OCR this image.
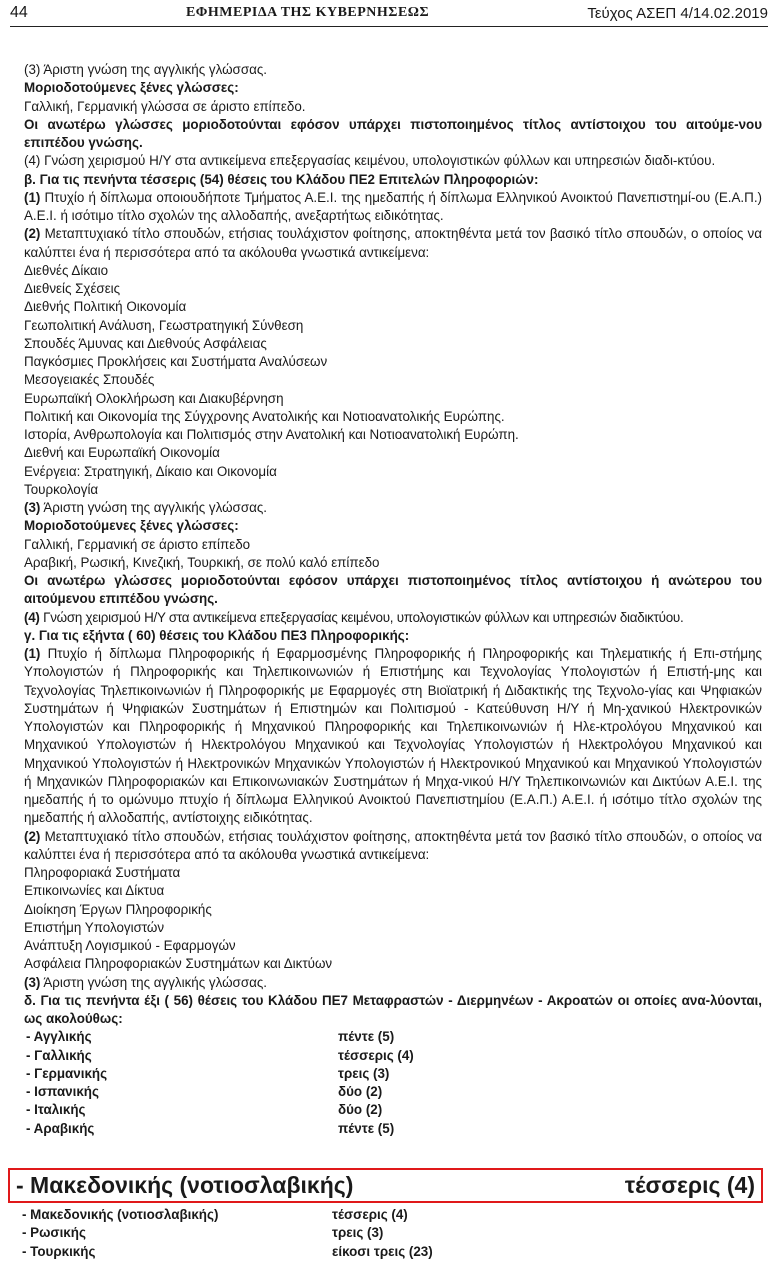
44	ΕΦΗΜΕΡΙΔΑ ΤΗΣ ΚΥΒΕΡΝΗΣΕΩΣ	Τεύχος ΑΣΕΠ 4/14.02.2019
(3) Άριστη γνώση της αγγλικής γλώσσας.
Μοριοδοτούμενες ξένες γλώσσες:
Γαλλική, Γερμανική γλώσσα σε άριστο επίπεδο.
Οι ανωτέρω γλώσσες μοριοδοτούνται εφόσον υπάρχει πιστοποιημένος τίτλος αντίστοιχου του αιτούμε-νου επιπέδου γνώσης.
(4) Γνώση χειρισμού Η/Υ στα αντικείμενα επεξεργασίας κειμένου, υπολογιστικών φύλλων και υπηρεσιών διαδι-κτύου.
β. Για τις πενήντα τέσσερις (54) θέσεις του Κλάδου ΠΕ2 Επιτελών Πληροφοριών:
(1) Πτυχίο ή δίπλωμα οποιουδήποτε Τμήματος Α.Ε.Ι. της ημεδαπής ή δίπλωμα Ελληνικού Ανοικτού Πανεπιστημί-ου (Ε.Α.Π.) Α.Ε.Ι. ή ισότιμο τίτλο σχολών της αλλοδαπής, ανεξαρτήτως ειδικότητας.
(2) Μεταπτυχιακό τίτλο σπουδών, ετήσιας τουλάχιστον φοίτησης, αποκτηθέντα μετά τον βασικό τίτλο σπουδών, ο οποίος να καλύπτει ένα ή περισσότερα από τα ακόλουθα γνωστικά αντικείμενα:
Διεθνές Δίκαιο
Διεθνείς Σχέσεις
Διεθνής Πολιτική Οικονομία
Γεωπολιτική Ανάλυση, Γεωστρατηγική Σύνθεση
Σπουδές Άμυνας και Διεθνούς Ασφάλειας
Παγκόσμιες Προκλήσεις και Συστήματα Αναλύσεων
Μεσογειακές Σπουδές
Ευρωπαϊκή Ολοκλήρωση και Διακυβέρνηση
Πολιτική και Οικονομία της Σύγχρονης Ανατολικής και Νοτιοανατολικής Ευρώπης.
Ιστορία, Ανθρωπολογία και Πολιτισμός στην Ανατολική και Νοτιοανατολική Ευρώπη.
Διεθνή και Ευρωπαϊκή Οικονομία
Ενέργεια: Στρατηγική, Δίκαιο και Οικονομία
Τουρκολογία
(3) Άριστη γνώση της αγγλικής γλώσσας.
Μοριοδοτούμενες ξένες γλώσσες:
Γαλλική, Γερμανική σε άριστο επίπεδο
Αραβική, Ρωσική, Κινεζική, Τουρκική, σε πολύ καλό επίπεδο
Οι ανωτέρω γλώσσες μοριοδοτούνται εφόσον υπάρχει πιστοποιημένος τίτλος αντίστοιχου ή ανώτερου του αιτούμενου επιπέδου γνώσης.
(4) Γνώση χειρισμού Η/Υ στα αντικείμενα επεξεργασίας κειμένου, υπολογιστικών φύλλων και υπηρεσιών διαδικτύου.
γ. Για τις εξήντα ( 60) θέσεις του Κλάδου ΠΕ3 Πληροφορικής:
(1) Πτυχίο ή δίπλωμα Πληροφορικής ή Εφαρμοσμένης Πληροφορικής ή Πληροφορικής και Τηλεματικής ή Επι-στήμης Υπολογιστών ή Πληροφορικής και Τηλεπικοινωνιών ή Επιστήμης και Τεχνολογίας Υπολογιστών ή Επιστή-μης και Τεχνολογίας Τηλεπικοινωνιών ή Πληροφορικής με Εφαρμογές στη Βιοϊατρική ή Διδακτικής της Τεχνολο-γίας και Ψηφιακών Συστημάτων ή Ψηφιακών Συστημάτων ή Επιστημών και Πολιτισμού - Κατεύθυνση Η/Υ ή Μη-χανικού Ηλεκτρονικών Υπολογιστών και Πληροφορικής ή Μηχανικού Πληροφορικής και Τηλεπικοινωνιών ή Ηλε-κτρολόγου Μηχανικού και Μηχανικού Υπολογιστών ή Ηλεκτρολόγου Μηχανικού και Τεχνολογίας Υπολογιστών ή Ηλεκτρολόγου Μηχανικού και Μηχανικού Υπολογιστών ή Ηλεκτρονικών Μηχανικών Υπολογιστών ή Ηλεκτρονικού Μηχανικού και Μηχανικού Υπολογιστών ή Μηχανικών Πληροφοριακών και Επικοινωνιακών Συστημάτων ή Μηχα-νικού Η/Υ Τηλεπικοινωνιών και Δικτύων Α.Ε.Ι. της ημεδαπής ή το ομώνυμο πτυχίο ή δίπλωμα Ελληνικού Ανοικτού Πανεπιστημίου (Ε.Α.Π.) Α.Ε.Ι. ή ισότιμο τίτλο σχολών της ημεδαπής ή αλλοδαπής, αντίστοιχης ειδικότητας.
(2) Μεταπτυχιακό τίτλο σπουδών, ετήσιας τουλάχιστον φοίτησης, αποκτηθέντα μετά τον βασικό τίτλο σπουδών, ο οποίος να καλύπτει ένα ή περισσότερα από τα ακόλουθα γνωστικά αντικείμενα:
Πληροφοριακά Συστήματα
Επικοινωνίες και Δίκτυα
Διοίκηση Έργων Πληροφορικής
Επιστήμη Υπολογιστών
Ανάπτυξη Λογισμικού - Εφαρμογών
Ασφάλεια Πληροφοριακών Συστημάτων και Δικτύων
(3) Άριστη γνώση της αγγλικής γλώσσας.
δ. Για τις πενήντα έξι ( 56) θέσεις του Κλάδου ΠΕ7 Μεταφραστών - Διερμηνέων - Ακροατών οι οποίες ανα-λύονται, ως ακολούθως:
- Αγγλικής	πέντε (5)
- Γαλλικής	τέσσερις (4)
- Γερμανικής	τρεις (3)
- Ισπανικής	δύο (2)
- Ιταλικής	δύο (2)
- Αραβικής	πέντε (5)
- Μακεδονικής (νοτιοσλαβικής)	τέσσερις (4)
- Μακεδονικής (νοτιοσλαβικής)	τέσσερις (4)
- Ρωσικής	τρεις (3)
- Τουρκικής	είκοσι τρεις (23)
